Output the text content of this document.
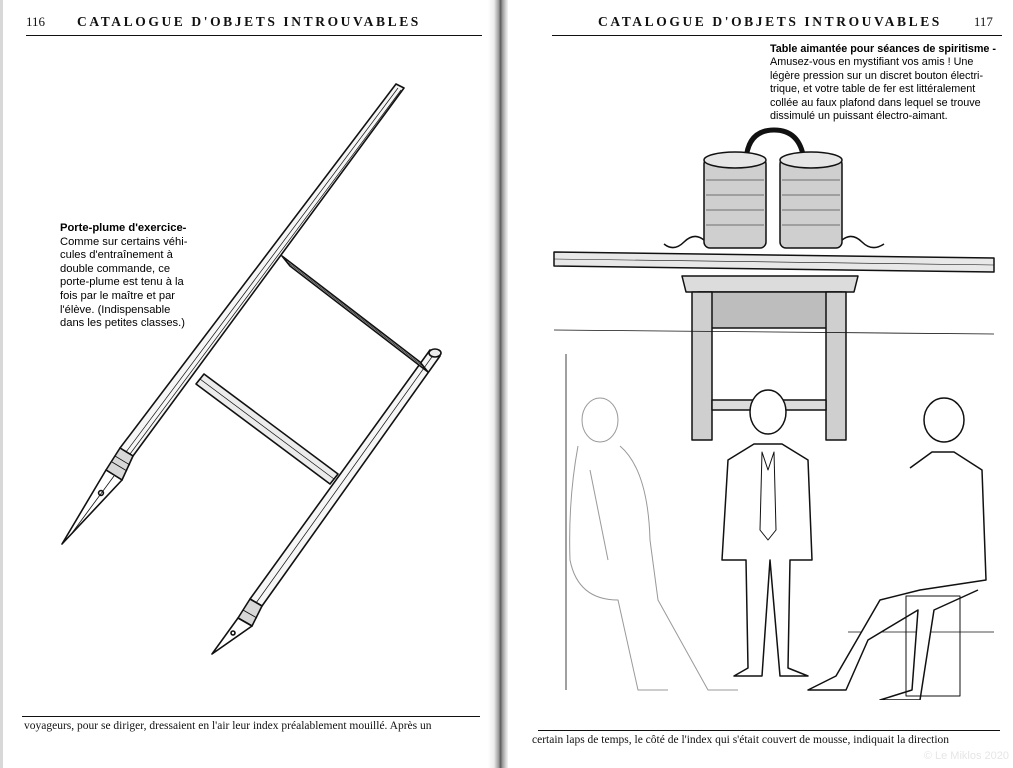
116 CATALOGUE D'OBJETS INTROUVABLES
Porte-plume d'exercice-
Comme sur certains véhi-
cules d'entraînement à
double commande, ce
porte-plume est tenu à la
fois par le maître et par
l'élève. (Indispensable
dans les petites classes.)
voyageurs, pour se diriger, dressaient en l'air leur index préalablement mouillé. Après un
CATALOGUE D'OBJETS INTROUVABLES 117
Table aimantée pour séances de spiritisme -
Amusez-vous en mystifiant vos amis ! Une
légère pression sur un discret bouton électri-
trique, et votre table de fer est littéralement
collée au faux plafond dans lequel se trouve
dissimulé un puissant électro-aimant.
certain laps de temps, le côté de l'index qui s'était couvert de mousse, indiquait la direction
© Le Miklos 2020
